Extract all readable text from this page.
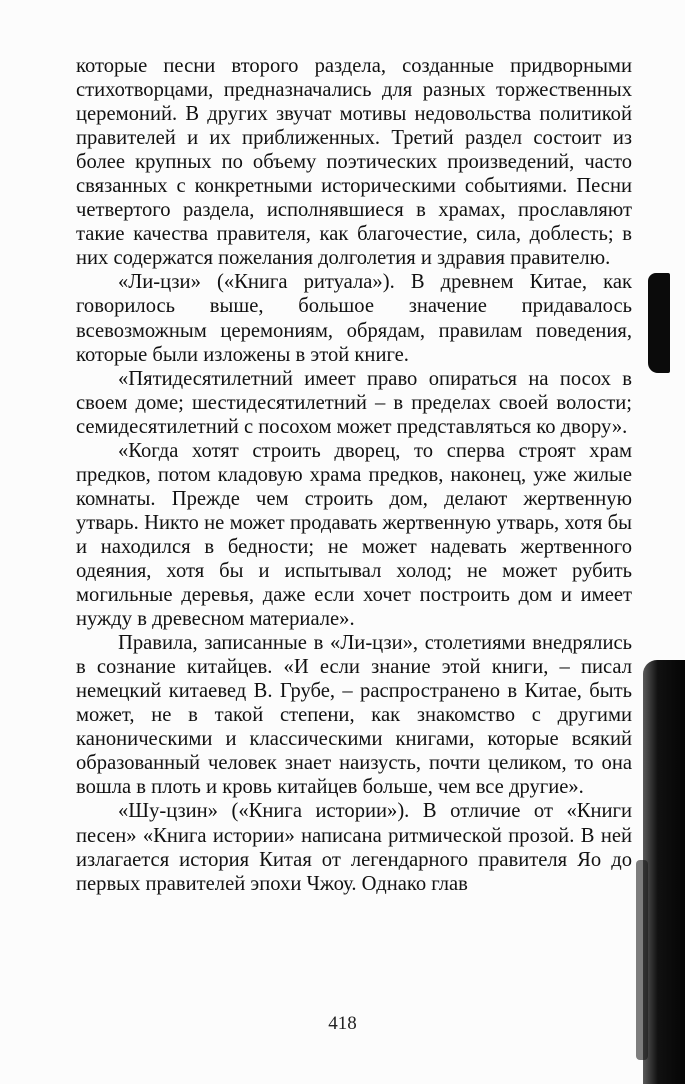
которые песни второго раздела, созданные придворными стихотворцами, предназначались для разных торжественных церемоний. В других звучат мотивы недовольства политикой правителей и их приближенных. Третий раздел состоит из более крупных по объему поэтических произведений, часто связанных с конкретными историческими событиями. Песни четвертого раздела, исполнявшиеся в храмах, прославляют такие качества правителя, как благочестие, сила, доблесть; в них содержатся пожелания долголетия и здравия правителю.

«Ли-цзи» («Книга ритуала»). В древнем Китае, как говорилось выше, большое значение придавалось всевозможным церемониям, обрядам, правилам поведения, которые были изложены в этой книге.

«Пятидесятилетний имеет право опираться на посох в своем доме; шестидесятилетний – в пределах своей волости; семидесятилетний с посохом может представляться ко двору».

«Когда хотят строить дворец, то сперва строят храм предков, потом кладовую храма предков, наконец, уже жилые комнаты. Прежде чем строить дом, делают жертвенную утварь. Никто не может продавать жертвенную утварь, хотя бы и находился в бедности; не может надевать жертвенного одеяния, хотя бы и испытывал холод; не может рубить могильные деревья, даже если хочет построить дом и имеет нужду в древесном материале».

Правила, записанные в «Ли-цзи», столетиями внедрялись в сознание китайцев. «И если знание этой книги, – писал немецкий китаевед В. Грубе, – распространено в Китае, быть может, не в такой степени, как знакомство с другими каноническими и классическими книгами, которые всякий образованный человек знает наизусть, почти целиком, то она вошла в плоть и кровь китайцев больше, чем все другие».

«Шу-цзин» («Книга истории»). В отличие от «Книги песен» «Книга истории» написана ритмической прозой. В ней излагается история Китая от легендарного правителя Яо до первых правителей эпохи Чжоу. Однако глав

418
